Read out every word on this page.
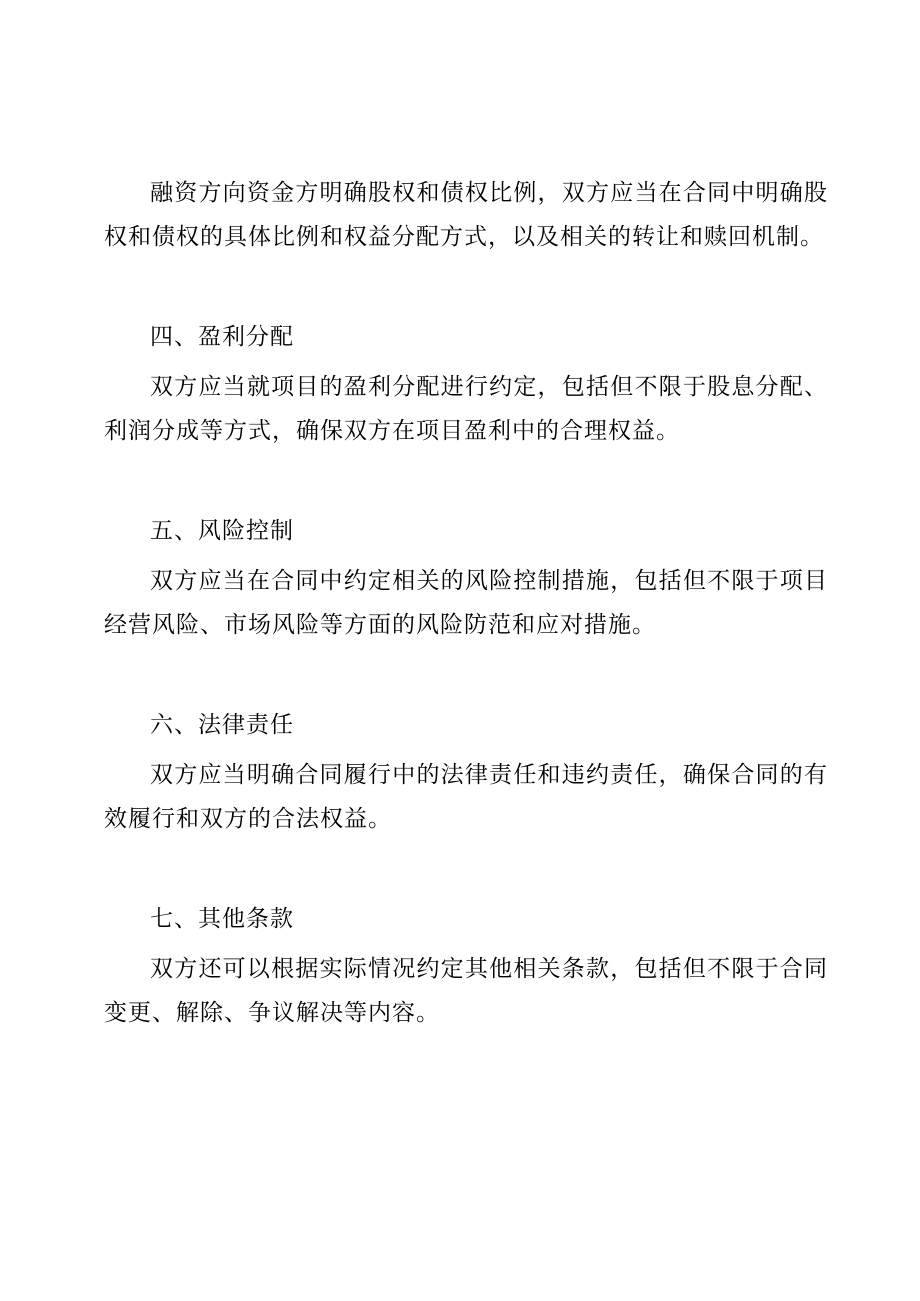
融资方向资金方明确股权和债权比例，双方应当在合同中明确股权和债权的具体比例和权益分配方式，以及相关的转让和赎回机制。

四、盈利分配

双方应当就项目的盈利分配进行约定，包括但不限于股息分配、利润分成等方式，确保双方在项目盈利中的合理权益。

五、风险控制

双方应当在合同中约定相关的风险控制措施，包括但不限于项目经营风险、市场风险等方面的风险防范和应对措施。

六、法律责任

双方应当明确合同履行中的法律责任和违约责任，确保合同的有效履行和双方的合法权益。

七、其他条款

双方还可以根据实际情况约定其他相关条款，包括但不限于合同变更、解除、争议解决等内容。
